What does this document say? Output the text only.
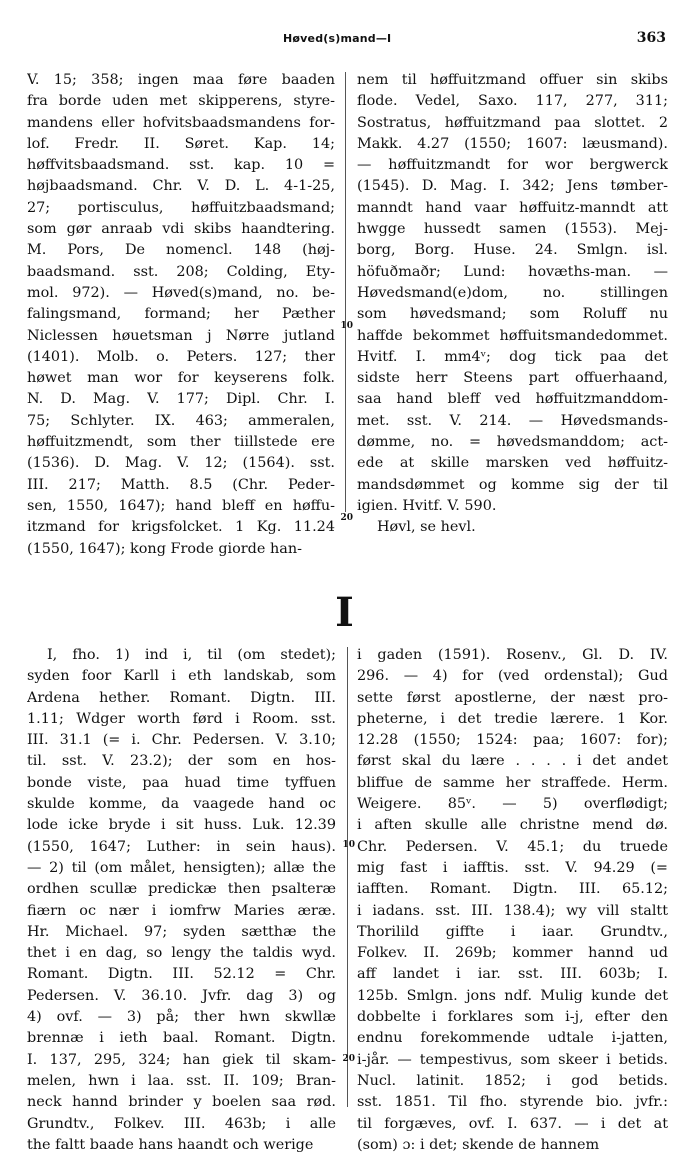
Høved(s)mand—I	363
V. 15; 358; ingen maa føre baaden
fra borde uden met skipperens, styre-
mandens eller hofvitsbaadsmandens for-
lof. Fredr. II. Søret. Kap. 14;
høffvitsbaadsmand. sst. kap. 10 =
højbaadsmand. Chr. V. D. L. 4-1-25,
27; portisculus, høffuitzbaadsmand;
som gør anraab vdi skibs haandtering.
M. Pors, De nomencl. 148 (høj-
baadsmand. sst. 208; Colding, Ety-
mol. 972). — Høved(s)mand, no. be-
falingsmand, formand; her Pæther
Niclessen høuetsman j Nørre jutland
(1401). Molb. o. Peters. 127; ther
høwet man wor for keyserens folk.
N. D. Mag. V. 177; Dipl. Chr. I.
75; Schlyter. IX. 463; ammeralen,
høffuitzmendt, som ther tiillstede ere
(1536). D. Mag. V. 12; (1564). sst.
III. 217; Matth. 8.5 (Chr. Peder-
sen, 1550, 1647); hand bleff en høffu-
itzmand for krigsfolcket. 1 Kg. 11.24
(1550, 1647); kong Frode giorde han-
nem til høffuitzmand offuer sin skibs
flode. Vedel, Saxo. 117, 277, 311;
Sostratus, høffuitzmand paa slottet. 2
Makk. 4.27 (1550; 1607: læusmand).
— høffuitzmandt for wor bergwerck
(1545). D. Mag. I. 342; Jens tømber-
manndt hand vaar høffuitz-manndt att
hwgge hussedt samen (1553). Mej-
borg, Borg. Huse. 24. Smlgn. isl.
höfuðmaðr; Lund: hovæths-man. —
Høvedsmand(e)dom, no. stillingen
som høvedsmand; som Roluff nu
haffde bekommet høffuitsmandedommet.
Hvitf. I. mm4ᵛ; dog tick paa det
sidste herr Steens part offuerhaand,
saa hand bleff ved høffuitzmanddom-
met. sst. V. 214. — Høvedsmands-
dømme, no. = høvedsmanddom; act-
ede at skille marsken ved høffuitz-
mandsdømmet og komme sig der til
igien. Hvitf. V. 590.
Høvl, se hevl.
10
20
I
I, fho. 1) ind i, til (om stedet);
syden foor Karll i eth landskab, som
Ardena hether. Romant. Digtn. III.
1.11; Wdger worth førd i Room. sst.
III. 31.1 (= i. Chr. Pedersen. V. 3.10;
til. sst. V. 23.2); der som en hos-
bonde viste, paa huad time tyffuen
skulde komme, da vaagede hand oc
lode icke bryde i sit huss. Luk. 12.39
(1550, 1647; Luther: in sein haus).
— 2) til (om målet, hensigten); allæ the
ordhen scullæ predickæ then psalteræ
fiærn oc nær i iomfrw Maries æræ.
Hr. Michael. 97; syden sætthæ the
thet i en dag, so lengy the taldis wyd.
Romant. Digtn. III. 52.12 = Chr.
Pedersen. V. 36.10. Jvfr. dag 3) og
4) ovf. — 3) på; ther hwn skwllæ
brennæ i ieth baal. Romant. Digtn.
I. 137, 295, 324; han giek til skam-
melen, hwn i laa. sst. II. 109; Bran-
neck hannd brinder y boelen saa rød.
Grundtv., Folkev. III. 463b; i alle
the faltt baade hans haandt och werige
i gaden (1591). Rosenv., Gl. D. IV.
296. — 4) for (ved ordenstal); Gud
sette først apostlerne, der næst pro-
pheterne, i det tredie lærere. 1 Kor.
12.28 (1550; 1524: paa; 1607: for);
først skal du lære . . . . i det andet
bliffue de samme her straffede. Herm.
Weigere. 85ᵛ. — 5) overflødigt;
i aften skulle alle christne mend dø.
Chr. Pedersen. V. 45.1; du truede
mig fast i iafftis. sst. V. 94.29 (=
iafften. Romant. Digtn. III. 65.12;
i iadans. sst. III. 138.4); wy vill staltt
Thorilild giffte i iaar. Grundtv.,
Folkev. II. 269b; kommer hannd ud
aff landet i iar. sst. III. 603b; I.
125b. Smlgn. jons ndf. Mulig kunde det
dobbelte i forklares som i-j, efter den
endnu forekommende udtale i-jatten,
i-jår. — tempestivus, som skeer i betids.
Nucl. latinit. 1852; i god betids.
sst. 1851. Til fho. styrende bio. jvfr.:
til forgæves, ovf. I. 637. — i det at
(som) ɔ: i det; skende de hannem
10
20
